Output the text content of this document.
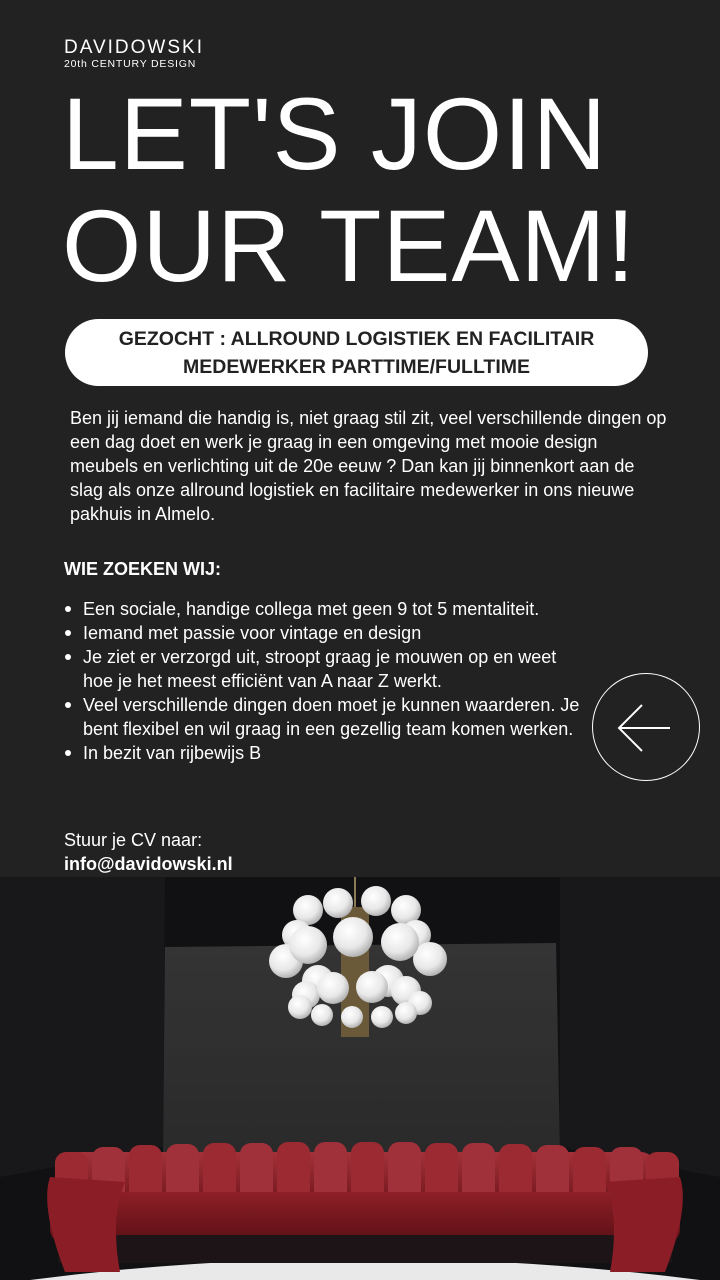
DAVIDOWSKI
20th CENTURY DESIGN
LET'S JOIN
OUR TEAM!
GEZOCHT : ALLROUND LOGISTIEK EN FACILITAIR
MEDEWERKER PARTTIME/FULLTIME

Ben jij iemand die handig is, niet graag stil zit, veel verschillende dingen op een dag doet en werk je graag in een omgeving met mooie design meubels en verlichting uit de 20e eeuw ? Dan kan jij binnenkort aan de slag als onze allround logistiek en facilitaire medewerker in ons nieuwe pakhuis in Almelo.

WIE ZOEKEN WIJ:
Een sociale, handige collega met geen 9 tot 5 mentaliteit.
Iemand met passie voor vintage en design
Je ziet er verzorgd uit, stroopt graag je mouwen op en weet hoe je het meest efficiënt van A naar Z werkt.
Veel verschillende dingen doen moet je kunnen waarderen. Je bent flexibel en wil graag in een gezellig team komen werken.
In bezit van rijbewijs B
Stuur je CV naar:
info@davidowski.nl
